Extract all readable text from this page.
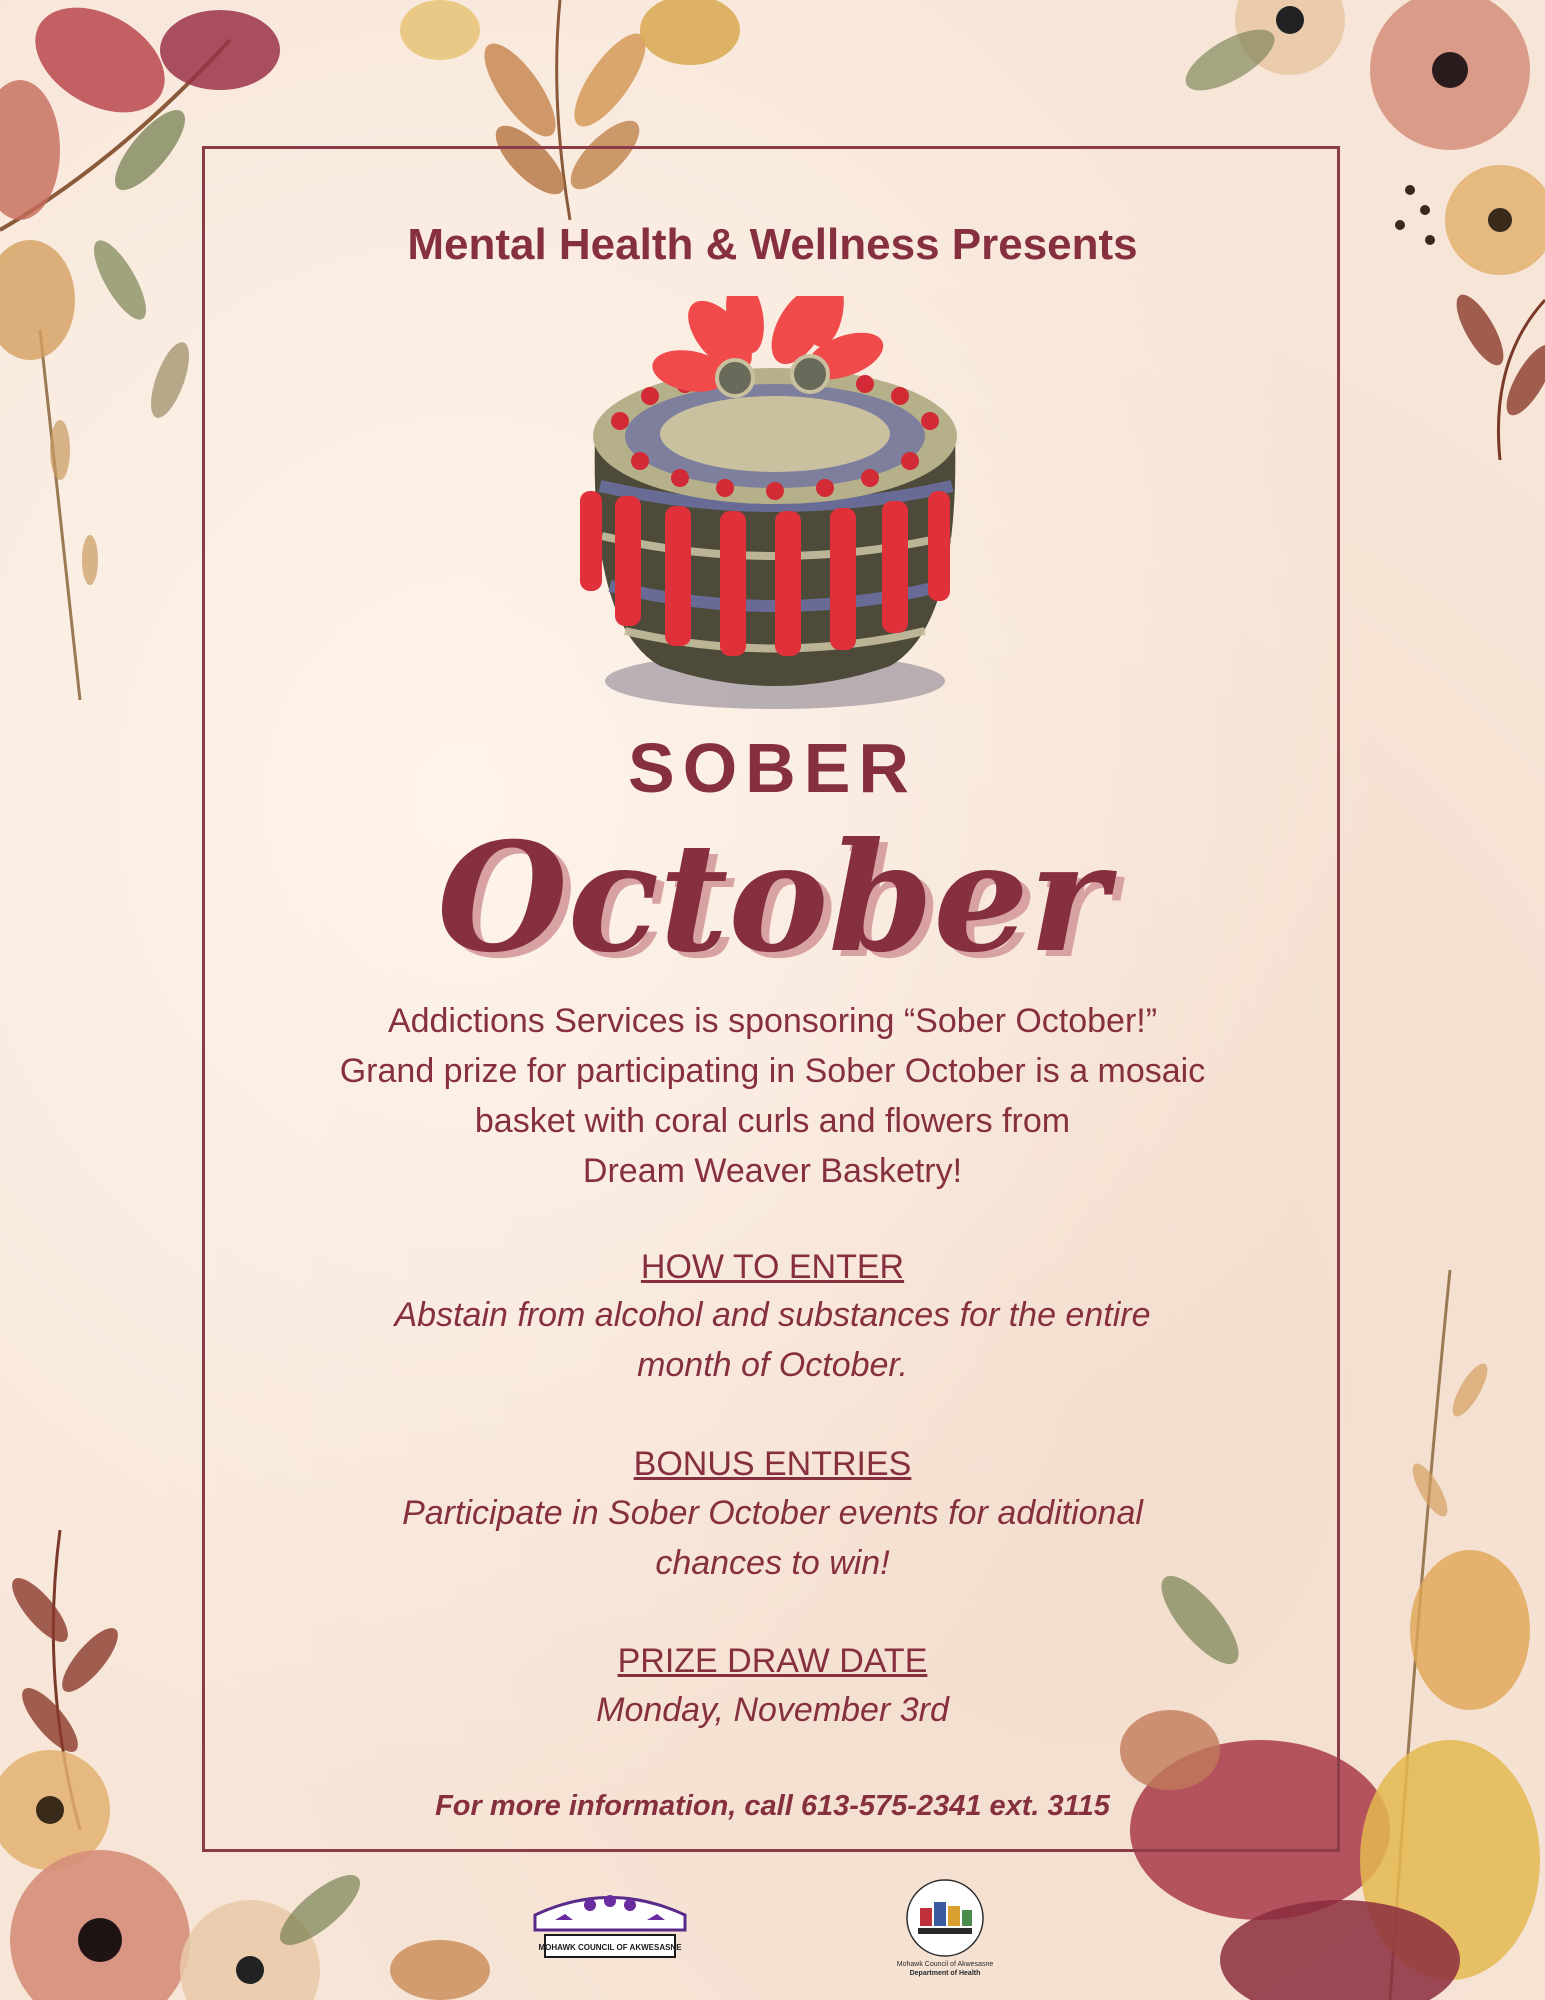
Mental Health & Wellness Presents
SOBER
October
Addictions Services is sponsoring “Sober October!”
Grand prize for participating in Sober October is a mosaic
basket with coral curls and flowers from
Dream Weaver Basketry!
HOW TO ENTER
Abstain from alcohol and substances for the entire
month of October.
BONUS ENTRIES
Participate in Sober October events for additional
chances to win!
PRIZE DRAW DATE
Monday, November 3rd
For more information, call 613-575-2341 ext. 3115
MOHAWK COUNCIL OF AKWESASNE
Mohawk Council of Akwesasne
Department of Health
